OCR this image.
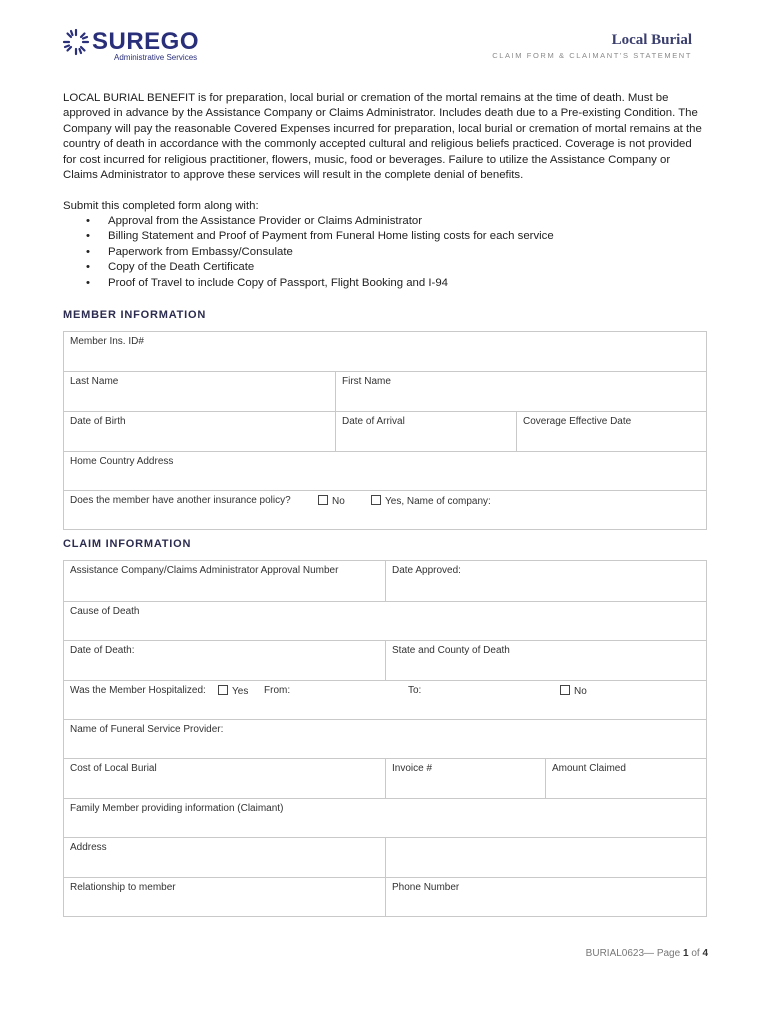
SUREGO
Administrative Services
Local Burial
CLAIM FORM & CLAIMANT'S STATEMENT
LOCAL BURIAL BENEFIT is for preparation, local burial or cremation of the mortal remains at the time of death. Must be approved in advance by the Assistance Company or Claims Administrator. Includes death due to a Pre-existing Condition. The Company will pay the reasonable Covered Expenses incurred for preparation, local burial or cremation of mortal remains at the country of death in accordance with the commonly accepted cultural and religious beliefs practiced. Coverage is not provided for cost incurred for religious practitioner, flowers, music, food or beverages. Failure to utilize the Assistance Company or Claims Administrator to approve these services will result in the complete denial of benefits.
Submit this completed form along with:
• Approval from the Assistance Provider or Claims Administrator
• Billing Statement and Proof of Payment from Funeral Home listing costs for each service
• Paperwork from Embassy/Consulate
• Copy of the Death Certificate
• Proof of Travel to include Copy of Passport, Flight Booking and I-94
MEMBER INFORMATION
Member Ins. ID#
Last Name	First Name
Date of Birth	Date of Arrival	Coverage Effective Date
Home Country Address
Does the member have another insurance policy?	No	Yes, Name of company:
CLAIM INFORMATION
Assistance Company/Claims Administrator Approval Number	Date Approved:
Cause of Death
Date of Death:	State and County of Death
Was the Member Hospitalized:	Yes From:	To:	No
Name of Funeral Service Provider:
Cost of Local Burial	Invoice #	Amount Claimed
Family Member providing information (Claimant)
Address
Relationship to member	Phone Number
BURIAL0623— Page 1 of 4
